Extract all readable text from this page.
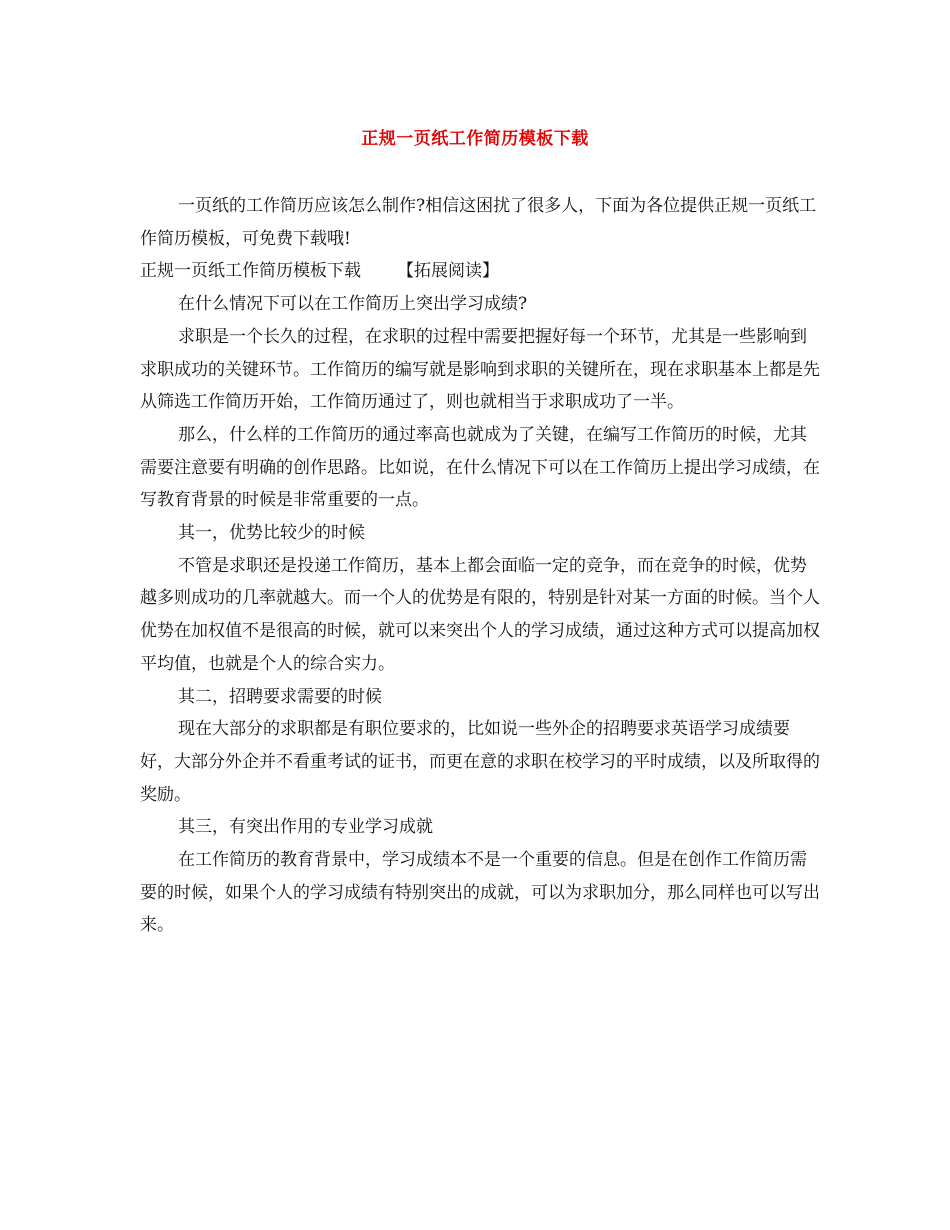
正规一页纸工作简历模板下载

一页纸的工作简历应该怎么制作?相信这困扰了很多人，下面为各位提供正规一页纸工作简历模板，可免费下载哦!

正规一页纸工作简历模板下载 【拓展阅读】

在什么情况下可以在工作简历上突出学习成绩?

求职是一个长久的过程，在求职的过程中需要把握好每一个环节，尤其是一些影响到求职成功的关键环节。工作简历的编写就是影响到求职的关键所在，现在求职基本上都是先从筛选工作简历开始，工作简历通过了，则也就相当于求职成功了一半。

那么，什么样的工作简历的通过率高也就成为了关键，在编写工作简历的时候，尤其需要注意要有明确的创作思路。比如说，在什么情况下可以在工作简历上提出学习成绩，在写教育背景的时候是非常重要的一点。

其一，优势比较少的时候

不管是求职还是投递工作简历，基本上都会面临一定的竞争，而在竞争的时候，优势越多则成功的几率就越大。而一个人的优势是有限的，特别是针对某一方面的时候。当个人优势在加权值不是很高的时候，就可以来突出个人的学习成绩，通过这种方式可以提高加权平均值，也就是个人的综合实力。

其二，招聘要求需要的时候

现在大部分的求职都是有职位要求的，比如说一些外企的招聘要求英语学习成绩要好，大部分外企并不看重考试的证书，而更在意的求职在校学习的平时成绩，以及所取得的奖励。

其三，有突出作用的专业学习成就

在工作简历的教育背景中，学习成绩本不是一个重要的信息。但是在创作工作简历需要的时候，如果个人的学习成绩有特别突出的成就，可以为求职加分，那么同样也可以写出来。
